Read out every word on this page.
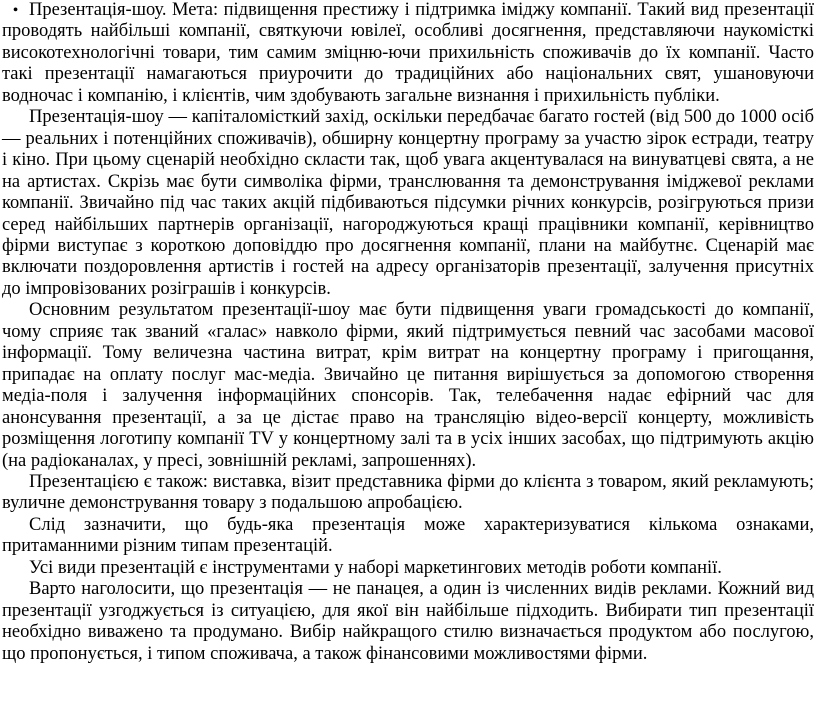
• Презентація-шоу. Мета: підвищення престижу і підтримка іміджу компанії. Такий вид презентації проводять найбільші компанії, святкуючи ювілеї, особливі досягнення, представляючи наукоміcткі високотехнологічні товари, тим самим зміцню-ючи прихильність споживачів до їх компанії. Часто такі презентації намагаються приурочити до традиційних або національних свят, ушановуючи водночас і компанію, і клієнтів, чим здобувають загальне визнання і прихильність публіки.

Презентація-шоу — капіталоміcткий захід, оскільки передбачає багато гостей (від 500 до 1000 осіб — реальних і потенційних споживачів), обширну концертну програму за участю зірок естради, театру і кіно. При цьому сценарій необхідно скласти так, щоб увага акцентувалася на винуватцеві свята, а не на артистах. Скрізь має бути символіка фірми, транслювання та демонстрування іміджевої реклами компанії. Звичайно під час таких акцій підбиваються підсумки річних конкурсів, розігруються призи серед найбільших партнерів організації, нагороджуються кращі працівники компанії, керівництво фірми виступає з короткою доповіддю про досягнення компанії, плани на майбутнє. Сценарій має включати поздоровлення артистів і гостей на адресу організаторів презентації, залучення присутніх до імпровізованих розіграшів і конкурсів.

Основним результатом презентації-шоу має бути підвищення уваги громадськості до компанії, чому сприяє так званий «галас» навколо фірми, який підтримується певний час засобами масової інформації. Тому величезна частина витрат, крім витрат на концертну програму і пригощання, припадає на оплату послуг мас-медіа. Звичайно це питання вирішується за допомогою створення медіа-поля і залучення інформаційних спонсорів. Так, телебачення надає ефірний час для анонсування презентації, а за це дістає право на трансляцію відео-версії концерту, можливість розміщення логотипу компанії TV у концертному залі та в усіх інших засобах, що підтримують акцію (на радіоканалах, у пресі, зовнішній рекламі, запрошеннях).

Презентацією є також: виставка, візит представника фірми до клієнта з товаром, який рекламують; вуличне демонстрування товару з подальшою апробацією.

Слід зазначити, що будь-яка презентація може характеризуватися кількома ознаками, притаманними різним типам презентацій.

Усі види презентацій є інструментами у наборі маркетингових методів роботи компанії.

Варто наголосити, що презентація — не панацея, а один із численних видів реклами. Кожний вид презентації узгоджується із ситуацією, для якої він найбільше підходить. Вибирати тип презентації необхідно виважено та продумано. Вибір найкращого стилю визначається продуктом або послугою, що пропонується, і типом споживача, а також фінансовими можливостями фірми.
